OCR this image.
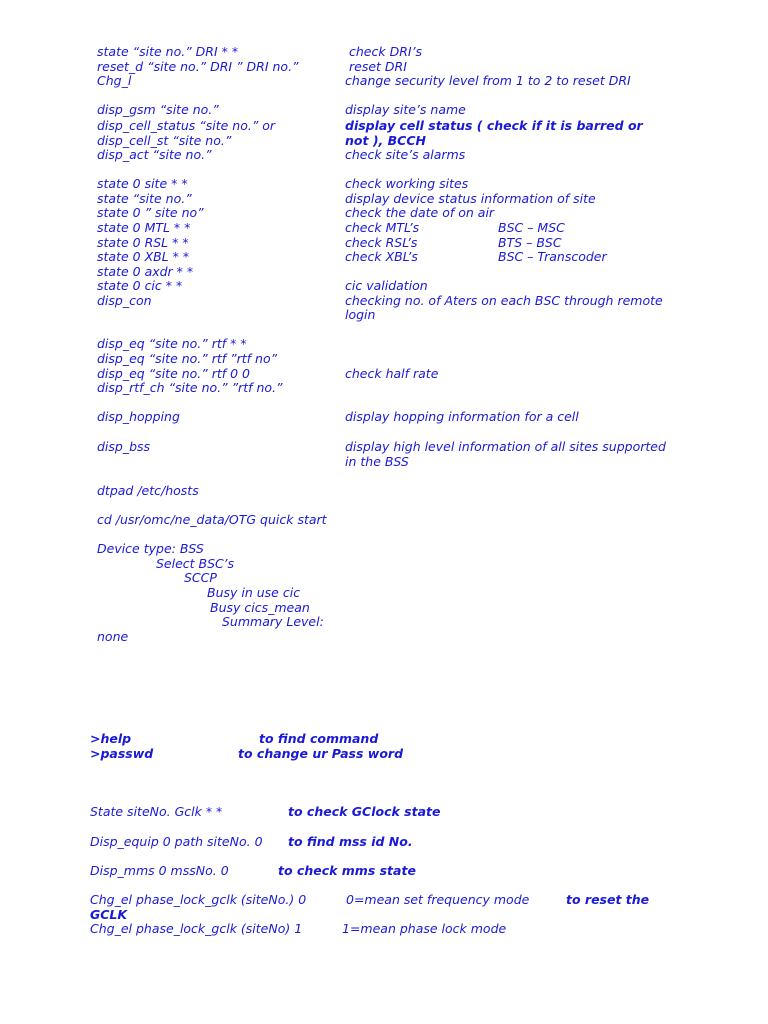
state “site no.” DRI * *	check DRI’s
reset_d “site no.” DRI ” DRI no.”	reset DRI
Chg_l	change security level from 1 to 2 to reset DRI
disp_gsm “site no.”	display site’s name
disp_cell_status “site no.” or	display cell status ( check if it is barred or
disp_cell_st “site no.”	not ), BCCH
disp_act “site no.”	check site’s alarms
state 0 site * *	check working sites
state “site no.”	display device status information of site
state 0 ” site no”	check the date of on air
state 0 MTL * *	check MTL’s	BSC – MSC
state 0 RSL * *	check RSL’s	BTS – BSC
state 0 XBL * *	check XBL’s	BSC – Transcoder
state 0 axdr * *
state 0 cic * *	cic validation
disp_con	checking no. of Aters on each BSC through remote
login
disp_eq “site no.” rtf * *
disp_eq “site no.” rtf ”rtf no”
disp_eq “site no.” rtf 0 0	check half rate
disp_rtf_ch “site no.” ”rtf no.”
disp_hopping	display hopping information for a cell
disp_bss	display high level information of all sites supported
in the BSS
dtpad /etc/hosts
cd /usr/omc/ne_data/OTG quick start
Device type: BSS
Select BSC’s
SCCP
Busy in use cic
Busy cics_mean
Summary Level:
none
>help	to find command
>passwd	to change ur Pass word
State siteNo. Gclk * *	to check GClock state
Disp_equip 0 path siteNo. 0 to find mss id No.
Disp_mms 0 mssNo. 0	to check mms state
Chg_el phase_lock_gclk (siteNo.) 0	0=mean set frequency mode	to reset the
GCLK
Chg_el phase_lock_gclk (siteNo) 1	1=mean phase lock mode
